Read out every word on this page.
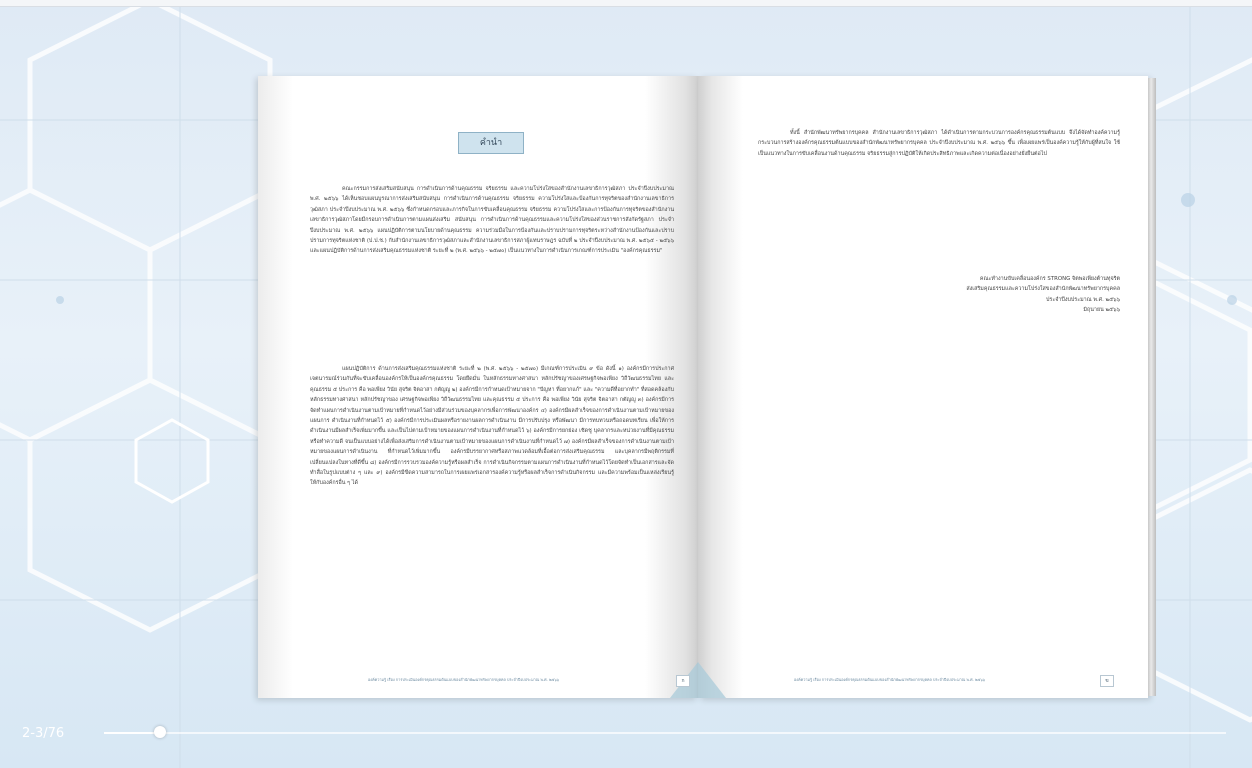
คำนำ
คณะกรรมการส่งเสริมสนับสนุน การดำเนินการด้านคุณธรรม จริยธรรม และความโปร่งใสของสำนักงานเลขาธิการวุฒิสภา ประจำปีงบประมาณ พ.ศ. ๒๕๖๖ ได้เห็นชอบแผนบูรณาการส่งเสริมสนับสนุน การดำเนินการด้านคุณธรรม จริยธรรม ความโปร่งใสและป้องกันการทุจริตของสำนักงานเลขาธิการวุฒิสภา ประจำปีงบประมาณ พ.ศ. ๒๕๖๖ ซึ่งกำหนดกรอบและภารกิจในการขับเคลื่อนคุณธรรม จริยธรรม ความโปร่งใสและการป้องกันการทุจริตของสำนักงานเลขาธิการวุฒิสภาโดยมีกรอบการดำเนินการตามแผนส่งเสริม สนับสนุน การดำเนินการด้านคุณธรรมและความโปร่งใสของส่วนราชการสังกัดรัฐสภา ประจำปีงบประมาณ พ.ศ. ๒๕๖๖ แผนปฏิบัติการตามนโยบายด้านคุณธรรม ความร่วมมือในการป้องกันและปราบปรามการทุจริตระหว่างสำนักงานป้องกันและปราบปรามการทุจริตแห่งชาติ (ป.ป.ช.) กับสำนักงานเลขาธิการวุฒิสภาและสำนักงานเลขาธิการสภาผู้แทนราษฎร ฉบับที่ ๒ ประจำปีงบประมาณ พ.ศ. ๒๕๖๕ - ๒๕๖๖ และแผนปฏิบัติการด้านการส่งเสริมคุณธรรมแห่งชาติ ระยะที่ ๒ (พ.ศ. ๒๕๖๖ - ๒๕๗๐) เป็นแนวทางในการดำเนินการเกณฑ์การประเมิน "องค์กรคุณธรรม"
แผนปฏิบัติการ ด้านการส่งเสริมคุณธรรมแห่งชาติ ระยะที่ ๒ (พ.ศ. ๒๕๖๖ - ๒๕๗๐) มีเกณฑ์การประเมิน ๙ ข้อ ดังนี้ ๑) องค์กรมีการประกาศเจตนารมณ์ร่วมกันที่จะขับเคลื่อนองค์กรให้เป็นองค์กรคุณธรรม โดยยึดมั่น ในหลักธรรมทางศาสนา หลักปรัชญาของเศรษฐกิจพอเพียง วิถีวัฒนธรรมไทย และคุณธรรม ๕ ประการ คือ พอเพียง วินัย สุจริต จิตอาสา กตัญญู ๒) องค์กรมีการกำหนดเป้าหมายจาก "ปัญหา ที่อยากแก้" และ "ความดีที่อยากทำ" ที่สอดคล้องกับหลักธรรมทางศาสนา หลักปรัชญาของ เศรษฐกิจพอเพียง วิถีวัฒนธรรมไทย และคุณธรรม ๕ ประการ คือ พอเพียง วินัย สุจริต จิตอาสา กตัญญู ๓) องค์กรมีการจัดทำแผนการดำเนินงานตามเป้าหมายที่กำหนดไว้อย่างมีส่วนร่วมของบุคลากรเพื่อการพัฒนาองค์กร ๔) องค์กรมีผลสำเร็จของการดำเนินงานตามเป้าหมายของแผนการ ดำเนินงานที่กำหนดไว้ ๕) องค์กรมีการประเมินผลหรือรายงานผลการดำเนินงาน มีการปรับปรุง หรือพัฒนา มีการทบทวนหรือถอดบทเรียน เพื่อให้การดำเนินงานมีผลสำเร็จเพิ่มมากขึ้น และเป็นไปตามเป้าหมายของแผนการดำเนินงานที่กำหนดไว้ ๖) องค์กรมีการยกย่อง เชิดชู บุคลากรและหน่วยงานที่มีคุณธรรม หรือทำความดี จนเป็นแบบอย่างได้เพื่อส่งเสริมการดำเนินงานตามเป้าหมายของแผนการดำเนินงานที่กำหนดไว้ ๗) องค์กรมีผลสำเร็จของการดำเนินงานตามเป้าหมายของแผนการดำเนินงาน ที่กำหนดไว้เพิ่มมากขึ้น องค์กรมีบรรยากาศหรือสภาพแวดล้อมที่เอื้อต่อการส่งเสริมคุณธรรม และบุคลากรมีพฤติกรรมที่เปลี่ยนแปลงในทางที่ดีขึ้น ๘) องค์กรมีการรวบรวมองค์ความรู้หรือผลสำเร็จ การดำเนินกิจกรรมตามแผนการดำเนินงานที่กำหนดไว้โดยจัดทำเป็นเอกสารและจัดทำสื่อในรูปแบบต่าง ๆ และ ๙) องค์กรมีขีดความสามารถในการเผยแพร่เอกสารองค์ความรู้หรือผลสำเร็จการดำเนินกิจกรรม และมีความพร้อมเป็นแหล่งเรียนรู้ให้กับองค์กรอื่น ๆ ได้
องค์ความรู้ เรื่อง การประเมินองค์กรคุณธรรมต้นแบบของสำนักพัฒนาทรัพยากรบุคคล ประจำปีงบประมาณ พ.ศ. ๒๕๖๖	ก
ทั้งนี้ สำนักพัฒนาทรัพยากรบุคคล สำนักงานเลขาธิการวุฒิสภา ได้ดำเนินการตามกระบวนการองค์กรคุณธรรมต้นแบบ จึงได้จัดทำองค์ความรู้กระบวนการสร้างองค์กรคุณธรรมต้นแบบของสำนักพัฒนาทรัพยากรบุคคล ประจำปีงบประมาณ พ.ศ. ๒๕๖๖ ขึ้น เพื่อเผยแพร่เป็นองค์ความรู้ให้กับผู้ที่สนใจ ใช้เป็นแนวทางในการขับเคลื่อนงานด้านคุณธรรม จริยธรรมสู่การปฏิบัติให้เกิดประสิทธิภาพและเกิดความต่อเนื่องอย่างยั่งยืนต่อไป
คณะทำงานขับเคลื่อนองค์กร STRONG จิตพอเพียงต้านทุจริต
ส่งเสริมคุณธรรมและความโปร่งใสของสำนักพัฒนาทรัพยากรบุคคล
ประจำปีงบประมาณ พ.ศ. ๒๕๖๖
มิถุนายน ๒๕๖๖
องค์ความรู้ เรื่อง การประเมินองค์กรคุณธรรมต้นแบบของสำนักพัฒนาทรัพยากรบุคคล ประจำปีงบประมาณ พ.ศ. ๒๕๖๖	ข
2-3/76
